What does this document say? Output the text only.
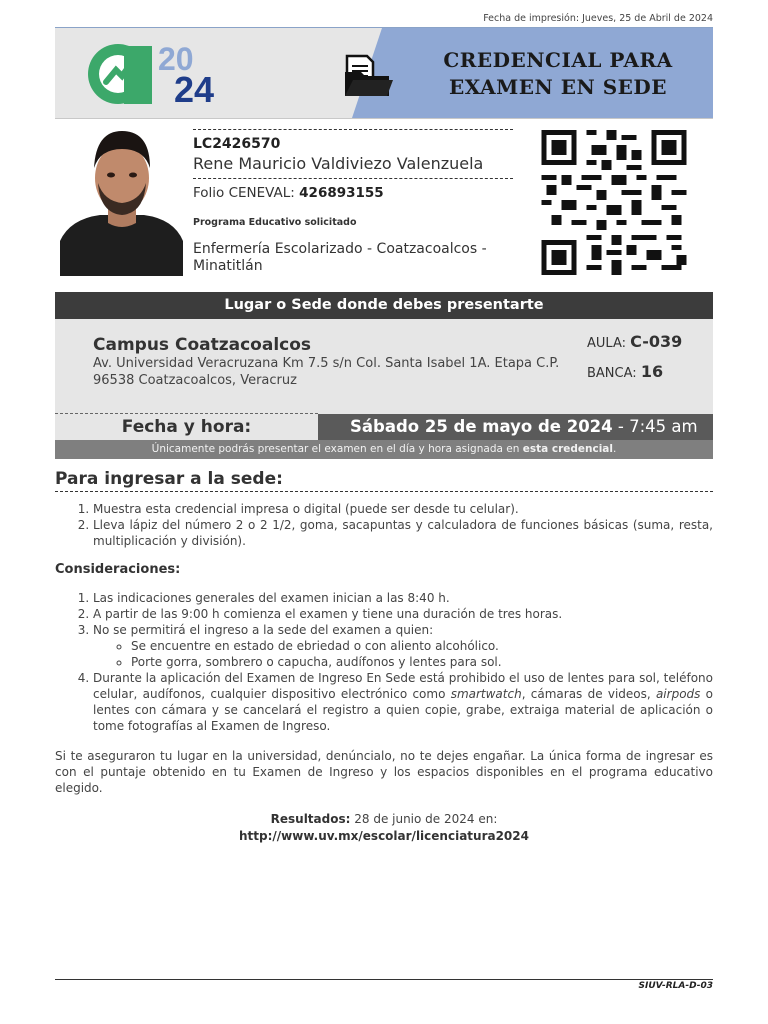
Fecha de impresión: Jueves, 25 de Abril de 2024
20
24
CREDENCIAL PARA
EXAMEN EN SEDE
LC2426570
Rene Mauricio Valdiviezo Valenzuela
Folio CENEVAL: 426893155
Programa Educativo solicitado
Enfermería Escolarizado - Coatzacoalcos - Minatitlán
Lugar o Sede donde debes presentarte
Campus Coatzacoalcos
Av. Universidad Veracruzana Km 7.5 s/n Col. Santa Isabel 1A. Etapa C.P. 96538 Coatzacoalcos, Veracruz
AULA: C-039
BANCA: 16
Fecha y hora:	Sábado 25 de mayo de 2024 - 7:45 am
Únicamente podrás presentar el examen en el día y hora asignada en esta credencial.
Para ingresar a la sede:
1. Muestra esta credencial impresa o digital (puede ser desde tu celular).
2. Lleva lápiz del número 2 o 2 1/2, goma, sacapuntas y calculadora de funciones básicas (suma, resta, multiplicación y división).
Consideraciones:
1. Las indicaciones generales del examen inician a las 8:40 h.
2. A partir de las 9:00 h comienza el examen y tiene una duración de tres horas.
3. No se permitirá el ingreso a la sede del examen a quien:
◦ Se encuentre en estado de ebriedad o con aliento alcohólico.
◦ Porte gorra, sombrero o capucha, audífonos y lentes para sol.
4. Durante la aplicación del Examen de Ingreso En Sede está prohibido el uso de lentes para sol, teléfono celular, audífonos, cualquier dispositivo electrónico como smartwatch, cámaras de videos, airpods o lentes con cámara y se cancelará el registro a quien copie, grabe, extraiga material de aplicación o tome fotografías al Examen de Ingreso.
Si te aseguraron tu lugar en la universidad, denúncialo, no te dejes engañar. La única forma de ingresar es con el puntaje obtenido en tu Examen de Ingreso y los espacios disponibles en el programa educativo elegido.
Resultados: 28 de junio de 2024 en:
http://www.uv.mx/escolar/licenciatura2024
SIUV-RLA-D-03
